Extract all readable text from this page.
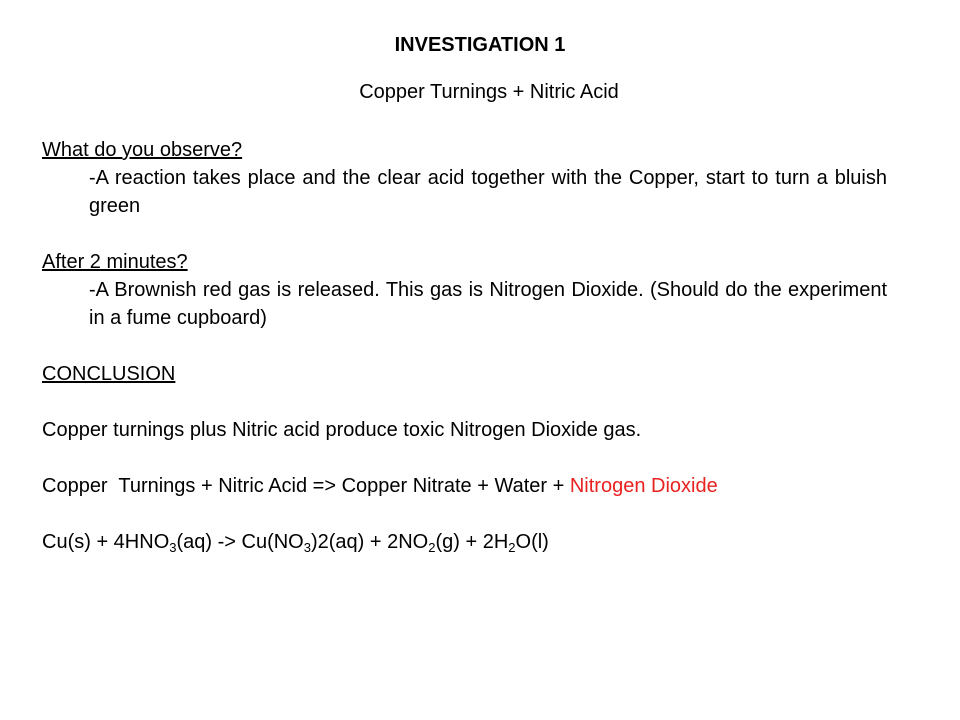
INVESTIGATION 1
Copper Turnings + Nitric Acid
What do you observe?
-A reaction takes place and the clear acid together with the Copper, start to turn a bluish green
After 2 minutes?
-A Brownish red gas is released. This gas is Nitrogen Dioxide. (Should do the experiment in a fume cupboard)
CONCLUSION
Copper turnings plus Nitric acid produce toxic Nitrogen Dioxide gas.
Copper  Turnings + Nitric Acid => Copper Nitrate + Water + Nitrogen Dioxide
$Cu(s) + 4HNO_3(aq) -> Cu(NO_3)2(aq) + 2NO_2(g) + 2H_2O(l)$
